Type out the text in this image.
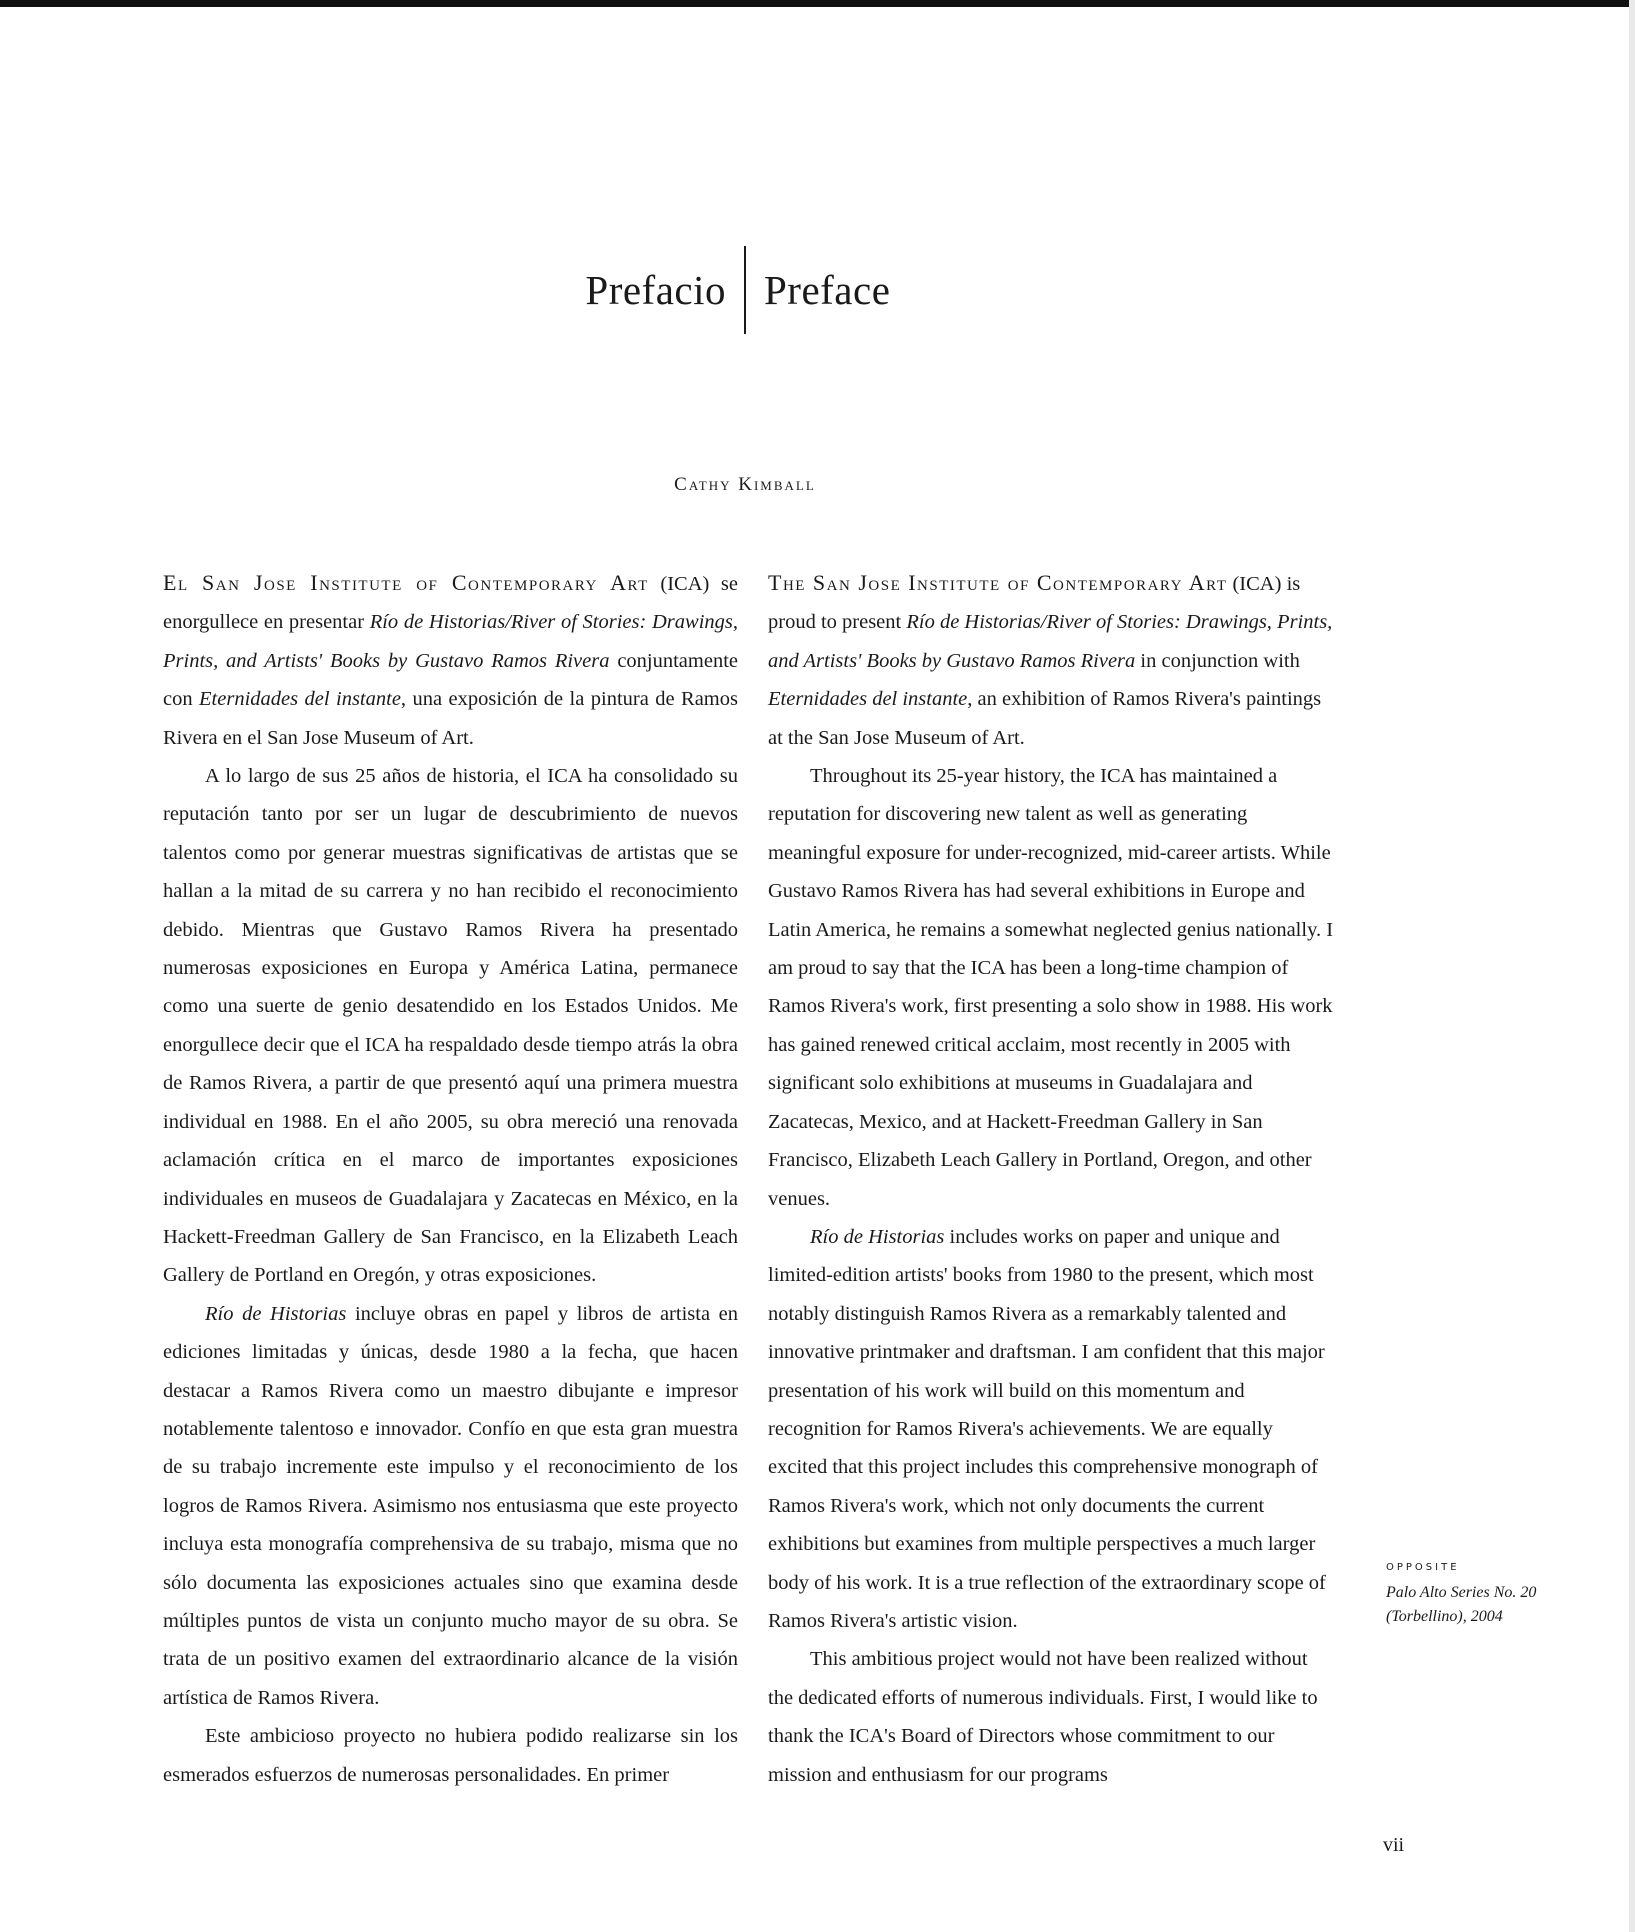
Prefacio Preface
Cathy Kimball

El San Jose Institute of Contemporary Art (ICA) se enorgullece en presentar Río de Historias/River of Stories: Drawings, Prints, and Artists' Books by Gustavo Ramos Rivera conjuntamente con Eternidades del instante, una exposición de la pintura de Ramos Rivera en el San Jose Museum of Art.

A lo largo de sus 25 años de historia, el ICA ha consolidado su reputación tanto por ser un lugar de descubrimiento de nuevos talentos como por generar muestras significativas de artistas que se hallan a la mitad de su carrera y no han recibido el reconocimiento debido. Mientras que Gustavo Ramos Rivera ha presentado numerosas exposiciones en Europa y América Latina, permanece como una suerte de genio desatendido en los Estados Unidos. Me enorgullece decir que el ICA ha respaldado desde tiempo atrás la obra de Ramos Rivera, a partir de que presentó aquí una primera muestra individual en 1988. En el año 2005, su obra mereció una renovada aclamación crítica en el marco de importantes exposiciones individuales en museos de Guadalajara y Zacatecas en México, en la Hackett-Freedman Gallery de San Francisco, en la Elizabeth Leach Gallery de Portland en Oregón, y otras exposiciones.

Río de Historias incluye obras en papel y libros de artista en ediciones limitadas y únicas, desde 1980 a la fecha, que hacen destacar a Ramos Rivera como un maestro dibujante e impresor notablemente talentoso e innovador. Confío en que esta gran muestra de su trabajo incremente este impulso y el reconocimiento de los logros de Ramos Rivera. Asimismo nos entusiasma que este proyecto incluya esta monografía comprehensiva de su trabajo, misma que no sólo documenta las exposiciones actuales sino que examina desde múltiples puntos de vista un conjunto mucho mayor de su obra. Se trata de un positivo examen del extraordinario alcance de la visión artística de Ramos Rivera.

Este ambicioso proyecto no hubiera podido realizarse sin los esmerados esfuerzos de numerosas personalidades. En primer

The San Jose Institute of Contemporary Art (ICA) is proud to present Río de Historias/River of Stories: Drawings, Prints, and Artists' Books by Gustavo Ramos Rivera in conjunction with Eternidades del instante, an exhibition of Ramos Rivera's paintings at the San Jose Museum of Art.

Throughout its 25-year history, the ICA has maintained a reputation for discovering new talent as well as generating meaningful exposure for under-recognized, mid-career artists. While Gustavo Ramos Rivera has had several exhibitions in Europe and Latin America, he remains a somewhat neglected genius nationally. I am proud to say that the ICA has been a long-time champion of Ramos Rivera's work, first presenting a solo show in 1988. His work has gained renewed critical acclaim, most recently in 2005 with significant solo exhibitions at museums in Guadalajara and Zacatecas, Mexico, and at Hackett-Freedman Gallery in San Francisco, Elizabeth Leach Gallery in Portland, Oregon, and other venues.

Río de Historias includes works on paper and unique and limited-edition artists' books from 1980 to the present, which most notably distinguish Ramos Rivera as a remarkably talented and innovative printmaker and draftsman. I am confident that this major presentation of his work will build on this momentum and recognition for Ramos Rivera's achievements. We are equally excited that this project includes this comprehensive monograph of Ramos Rivera's work, which not only documents the current exhibitions but examines from multiple perspectives a much larger body of his work. It is a true reflection of the extraordinary scope of Ramos Rivera's artistic vision.

This ambitious project would not have been realized without the dedicated efforts of numerous individuals. First, I would like to thank the ICA's Board of Directors whose commitment to our mission and enthusiasm for our programs

OPPOSITE
Palo Alto Series No. 20
(Torbellino), 2004
vii
